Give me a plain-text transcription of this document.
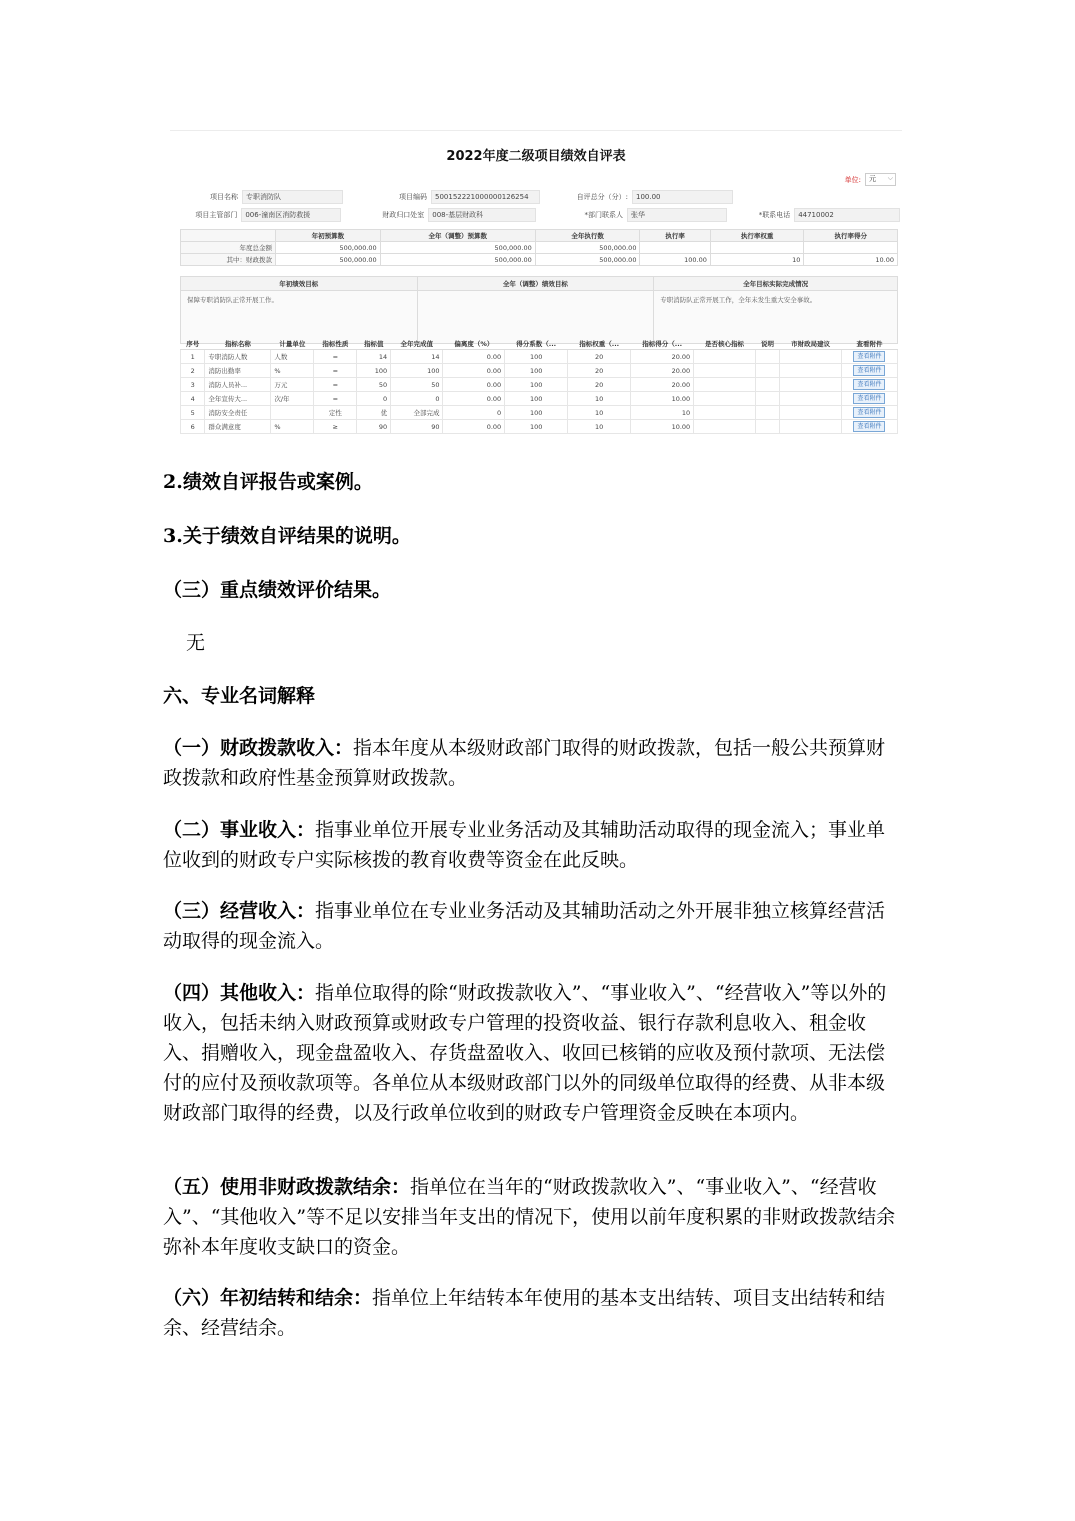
2022年度二级项目绩效自评表
单位:	元 ⌵
项目名称	专职消防队	项目编码	500152221000000126254	自评总分（分）:	100.00
项目主管部门	006-潼南区消防救援	财政归口处室	008-基层财政科	*部门联系人	张华	*联系电话	44710002
	年初预算数	全年（调整）预算数	全年执行数	执行率	执行率权重	执行率得分
年度总金额	500,000.00	500,000.00	500,000.00			
其中：财政拨款	500,000.00	500,000.00	500,000.00	100.00	10	10.00
年初绩效目标	全年（调整）绩效目标	全年目标实际完成情况
保障专职消防队正常开展工作。		专职消防队正常开展工作，全年未发生重大安全事故。
序号	指标名称	计量单位	指标性质	指标值	全年完成值	偏离度（%）	得分系数（...	指标权重（...	指标得分（...	是否核心指标	说明	市财政局建议	查看附件
1	专职消防人数	人数	=	14	14	0.00	100	20	20.00				查看附件
2	消防出勤率	%	=	100	100	0.00	100	20	20.00				查看附件
3	消防人员补...	万元	=	50	50	0.00	100	20	20.00				查看附件
4	全年宣传大...	次/年	=	0	0	0.00	100	10	10.00				查看附件
5	消防安全责任		定性	优	全部完成	0	100	10	10				查看附件
6	群众满意度	%	≥	90	90	0.00	100	10	10.00				查看附件
2.绩效自评报告或案例。
3.关于绩效自评结果的说明。
（三）重点绩效评价结果。
无
六、专业名词解释
（一）财政拨款收入：指本年度从本级财政部门取得的财政拨款，包括一般公共预算财政拨款和政府性基金预算财政拨款。
（二）事业收入：指事业单位开展专业业务活动及其辅助活动取得的现金流入；事业单位收到的财政专户实际核拨的教育收费等资金在此反映。
（三）经营收入：指事业单位在专业业务活动及其辅助活动之外开展非独立核算经营活动取得的现金流入。
（四）其他收入：指单位取得的除“财政拨款收入”、“事业收入”、“经营收入”等以外的收入，包括未纳入财政预算或财政专户管理的投资收益、银行存款利息收入、租金收入、捐赠收入，现金盘盈收入、存货盘盈收入、收回已核销的应收及预付款项、无法偿付的应付及预收款项等。各单位从本级财政部门以外的同级单位取得的经费、从非本级财政部门取得的经费，以及行政单位收到的财政专户管理资金反映在本项内。
（五）使用非财政拨款结余：指单位在当年的“财政拨款收入”、“事业收入”、“经营收入”、“其他收入”等不足以安排当年支出的情况下，使用以前年度积累的非财政拨款结余弥补本年度收支缺口的资金。
（六）年初结转和结余：指单位上年结转本年使用的基本支出结转、项目支出结转和结余、经营结余。
